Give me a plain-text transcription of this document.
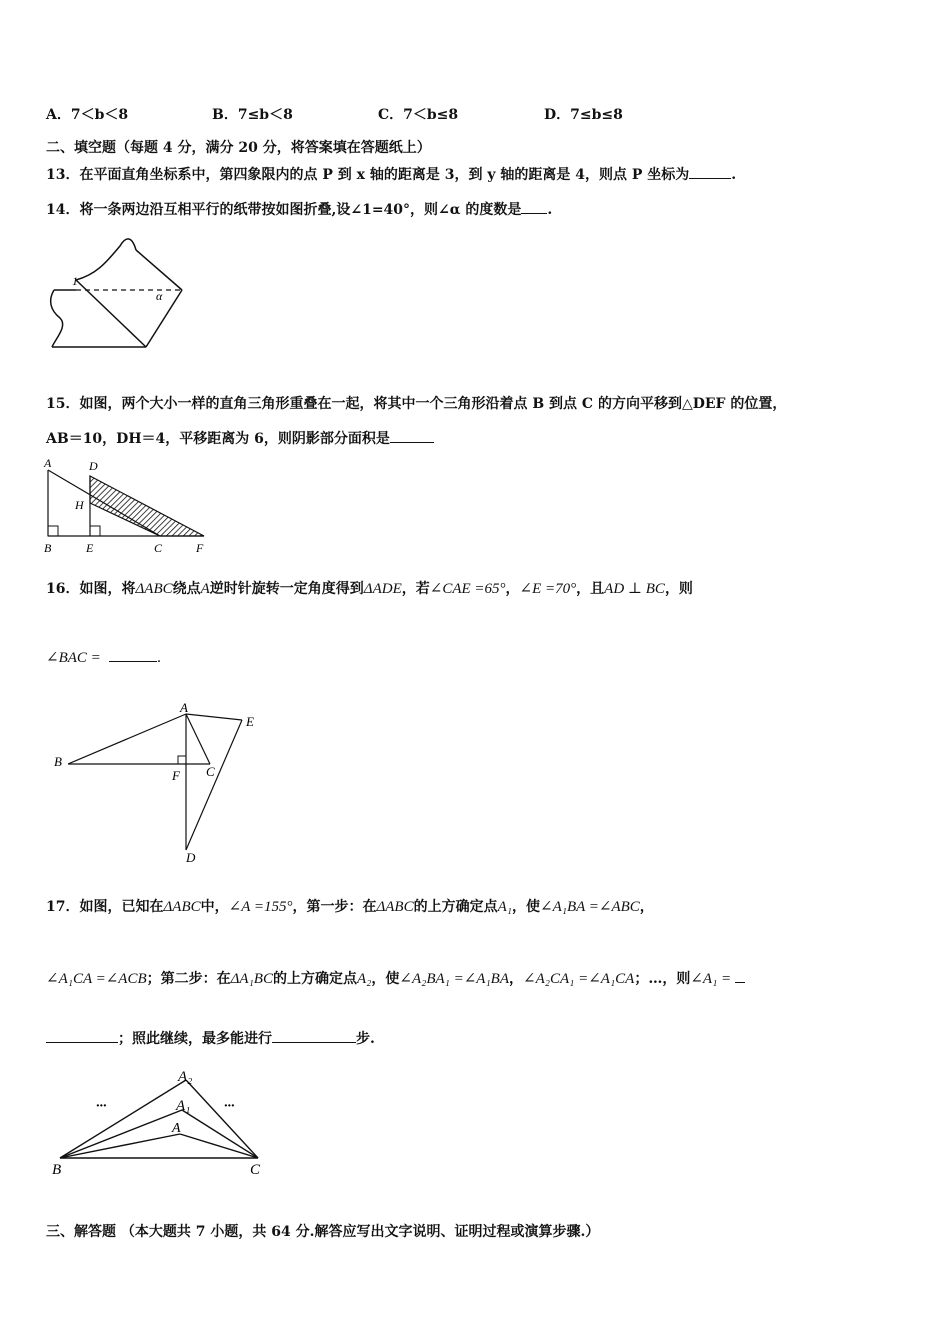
A．7＜b＜8	B．7≤b＜8	C．7＜b≤8	D．7≤b≤8
二、填空题（每题 4 分，满分 20 分，将答案填在答题纸上）
13．在平面直角坐标系中，第四象限内的点 P 到 x 轴的距离是 3，到 y 轴的距离是 4，则点 P 坐标为	.
14．将一条两边沿互相平行的纸带按如图折叠,设∠1=40°，则∠α 的度数是 .
1
α
15．如图，两个大小一样的直角三角形重叠在一起，将其中一个三角形沿着点 B 到点 C 的方向平移到△DEF 的位置，
AB＝10，DH＝4，平移距离为 6，则阴影部分面积是
A	D
H
B	E	C	F
16．如图，将ΔABC绕点A逆时针旋转一定角度得到ΔADE，若∠CAE =65°，∠E =70°，且AD ⊥ BC，则
∠BAC =	.
A
E
B
F C
D
17．如图，已知在ΔABC中，∠A =155°，第一步：在ΔABC的上方确定点A₁，使∠A₁BA =∠ABC，
∠A₁CA =∠ACB；第二步：在ΔA₁BC的上方确定点A₂，使∠A₂BA₁ =∠A₁BA，∠A₂CA₁ =∠A₁CA；…，则∠A₁ =
；照此继续，最多能进行	步.
A₂
A₁
A
B	C
···	···
三、解答题 （本大题共 7 小题，共 64 分.解答应写出文字说明、证明过程或演算步骤.）
